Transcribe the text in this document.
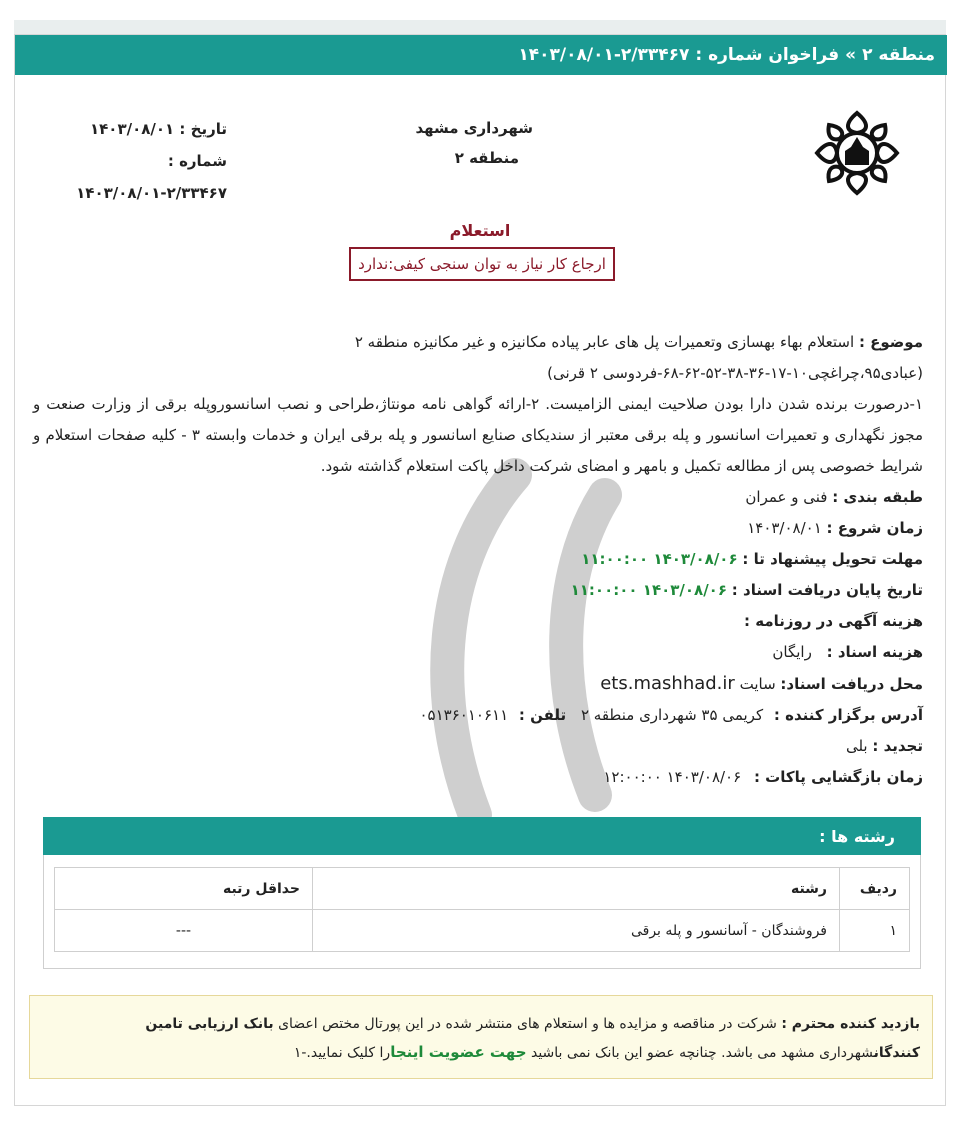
منطقه ۲
»
فراخوان شماره :
۱۴۰۳/۰۸/۰۱-۲/۳۳۴۶۷
شهرداری مشهد
منطقه ۲
تاریخ : ۱۴۰۳/۰۸/۰۱
شماره :
۱۴۰۳/۰۸/۰۱-۲/۳۳۴۶۷
استعلام
ارجاع کار نیاز به توان سنجی کیفی:ندارد
موضوع : استعلام بهاء بهسازی وتعمیرات پل های عابر پیاده مکانیزه و غیر مکانیزه منطقه ۲
(عبادی۹۵،چراغچی۱۰-۱۷-۳۶-۳۸-۵۲-۶۲-۶۸-فردوسی ۲ قرنی)
۱-درصورت برنده شدن دارا بودن صلاحیت ایمنی الزامیست. ۲-ارائه گواهی نامه مونتاژ،طراحی و نصب اسانسوروپله برقی از وزارت صنعت و مجوز نگهداری و تعمیرات اسانسور و پله برقی معتبر از سندیکای صنایع اسانسور و پله برقی ایران و خدمات وابسته ۳ - کلیه صفحات استعلام و شرایط خصوصی پس از مطالعه تکمیل و بامهر و امضای شرکت داخل پاکت استعلام گذاشته شود.
طبقه بندی : فنی و عمران
زمان شروع : ۱۴۰۳/۰۸/۰۱
مهلت تحویل پیشنهاد تا : ۱۴۰۳/۰۸/۰۶ ۱۱:۰۰:۰۰
تاریخ پایان دریافت اسناد : ۱۴۰۳/۰۸/۰۶ ۱۱:۰۰:۰۰
هزینه آگهی در روزنامه :
هزینه اسناد : رایگان
محل دریافت اسناد: سایت ets.mashhad.ir
آدرس برگزار کننده : کریمی ۳۵ شهرداری منطقه ۲ تلفن : ۰۵۱۳۶۰۱۰۶۱۱
تجدید : بلی
زمان بازگشایی پاکات : ۱۴۰۳/۰۸/۰۶ ۱۲:۰۰:۰۰
رشته ها :
ردیف	رشته	حداقل رتبه
۱	فروشندگان - آسانسور و پله برقی	---
بازدید کننده محترم : شرکت در مناقصه و مزایده ها و استعلام های منتشر شده در این پورتال مختص اعضای بانک ارزیابی تامین کنندگانشهرداری مشهد می باشد. چنانچه عضو این بانک نمی باشید جهت عضویت اینجارا کلیک نمایید.-۱
